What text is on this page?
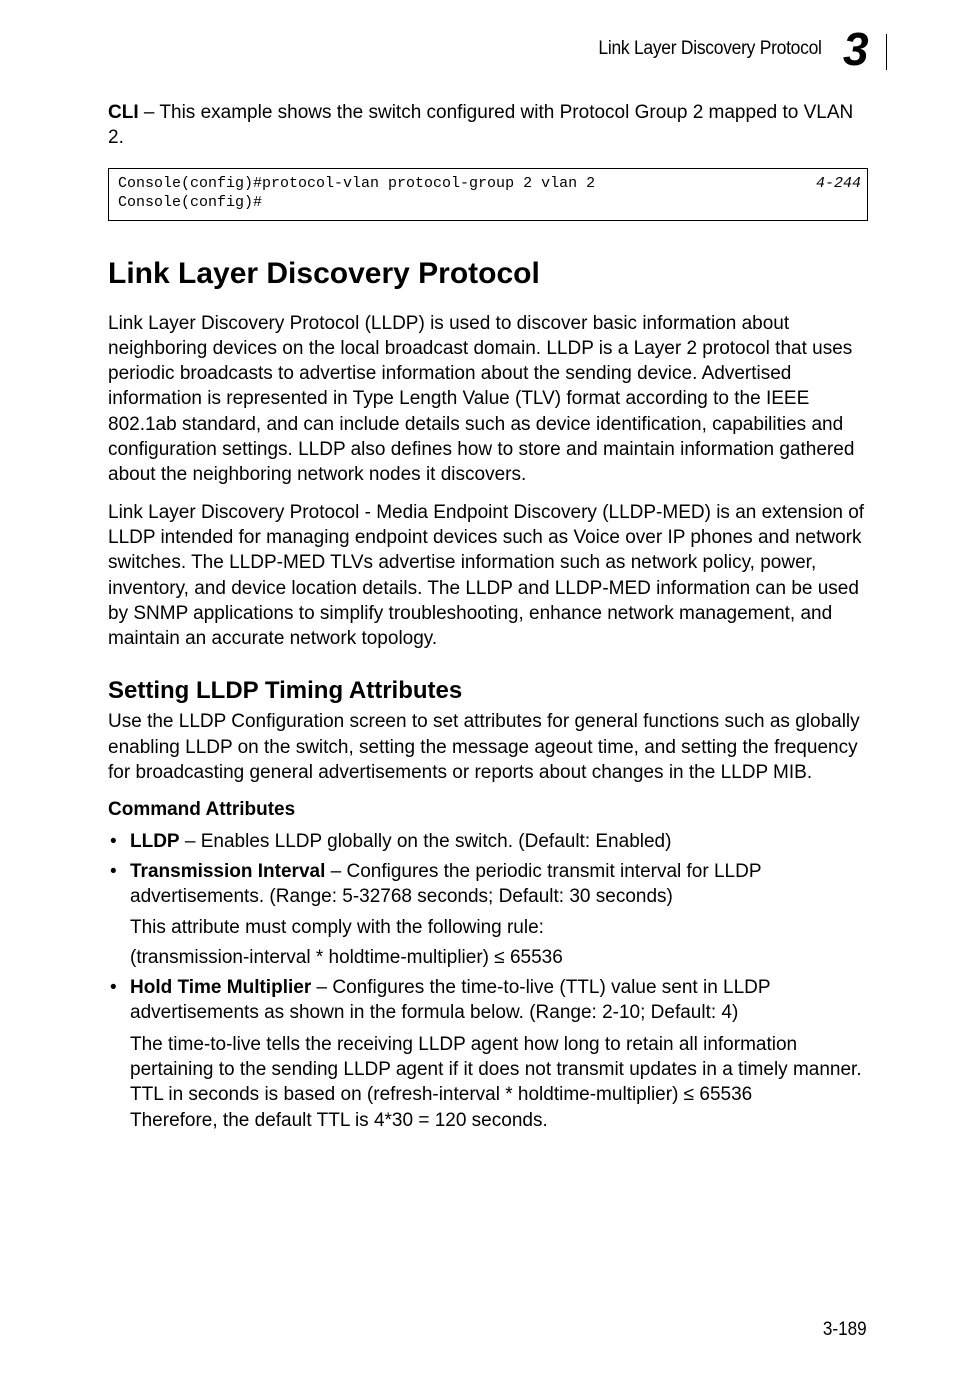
Link Layer Discovery Protocol 3

CLI – This example shows the switch configured with Protocol Group 2 mapped to VLAN 2.

Console(config)#protocol-vlan protocol-group 2 vlan 2	4-244
Console(config)#
Link Layer Discovery Protocol

Link Layer Discovery Protocol (LLDP) is used to discover basic information about neighboring devices on the local broadcast domain. LLDP is a Layer 2 protocol that uses periodic broadcasts to advertise information about the sending device. Advertised information is represented in Type Length Value (TLV) format according to the IEEE 802.1ab standard, and can include details such as device identification, capabilities and configuration settings. LLDP also defines how to store and maintain information gathered about the neighboring network nodes it discovers.

Link Layer Discovery Protocol - Media Endpoint Discovery (LLDP-MED) is an extension of LLDP intended for managing endpoint devices such as Voice over IP phones and network switches. The LLDP-MED TLVs advertise information such as network policy, power, inventory, and device location details. The LLDP and LLDP-MED information can be used by SNMP applications to simplify troubleshooting, enhance network management, and maintain an accurate network topology.

Setting LLDP Timing Attributes

Use the LLDP Configuration screen to set attributes for general functions such as globally enabling LLDP on the switch, setting the message ageout time, and setting the frequency for broadcasting general advertisements or reports about changes in the LLDP MIB.

Command Attributes

• LLDP – Enables LLDP globally on the switch. (Default: Enabled)
• Transmission Interval – Configures the periodic transmit interval for LLDP advertisements. (Range: 5-32768 seconds; Default: 30 seconds)

This attribute must comply with the following rule:

(transmission-interval * holdtime-multiplier) ≤ 65536

• Hold Time Multiplier – Configures the time-to-live (TTL) value sent in LLDP advertisements as shown in the formula below. (Range: 2-10; Default: 4)

The time-to-live tells the receiving LLDP agent how long to retain all information pertaining to the sending LLDP agent if it does not transmit updates in a timely manner. TTL in seconds is based on (refresh-interval * holdtime-multiplier) ≤ 65536

Therefore, the default TTL is 4*30 = 120 seconds.

3-189
